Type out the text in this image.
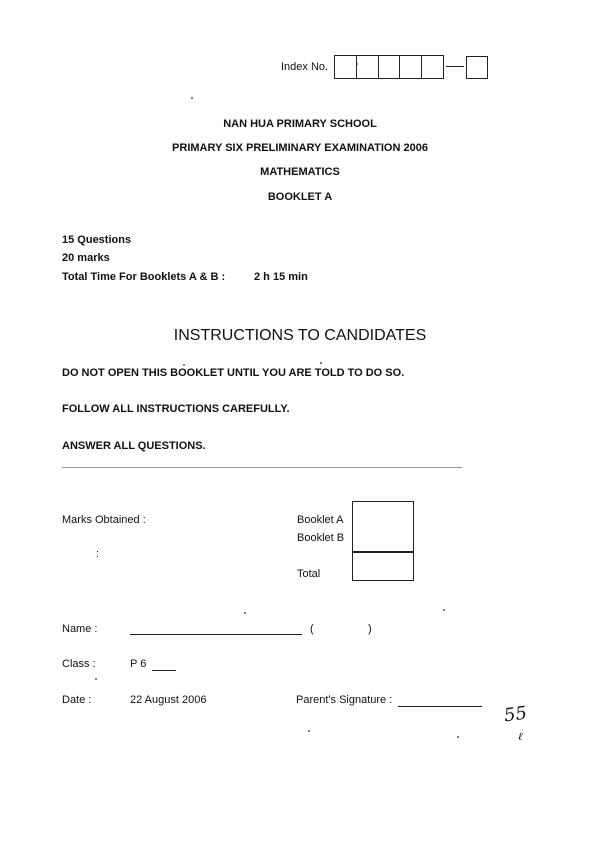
Index No.
NAN HUA PRIMARY SCHOOL
PRIMARY SIX PRELIMINARY EXAMINATION 2006
MATHEMATICS
BOOKLET A
15 Questions
20 marks
Total Time For Booklets A & B :	2 h 15 min
INSTRUCTIONS TO CANDIDATES
DO NOT OPEN THIS BOOKLET UNTIL YOU ARE TOLD TO DO SO.
FOLLOW ALL INSTRUCTIONS CAREFULLY.
ANSWER ALL QUESTIONS.
Marks Obtained :
:
Booklet A
Booklet B
Total
Name :	(	)
Class :	P 6
Date :	22 August 2006	Parent's Signature :
55
ℓ
